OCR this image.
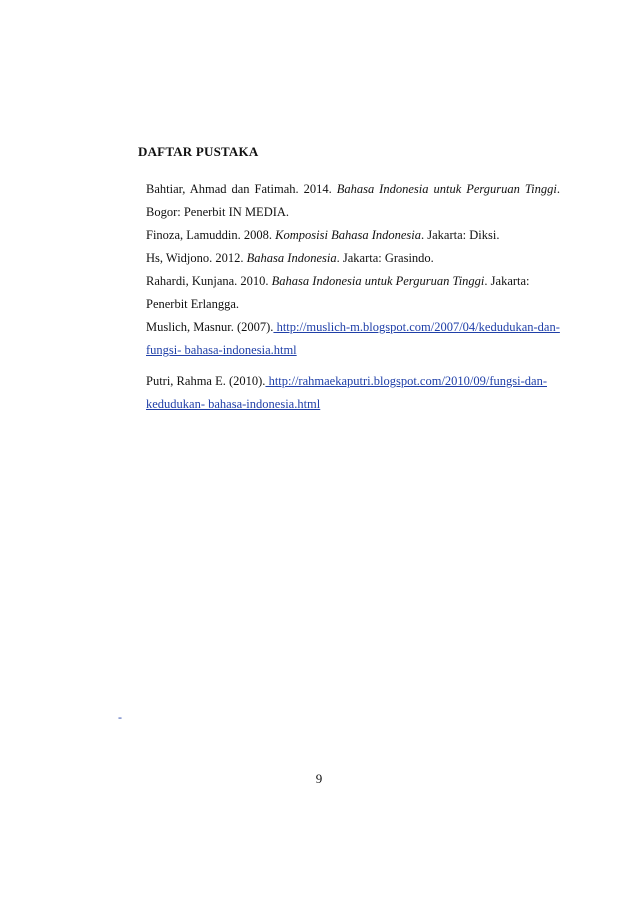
DAFTAR PUSTAKA

Bahtiar, Ahmad dan Fatimah. 2014. Bahasa Indonesia untuk Perguruan Tinggi. Bogor: Penerbit IN MEDIA.

Finoza, Lamuddin. 2008. Komposisi Bahasa Indonesia. Jakarta: Diksi.

Hs, Widjono. 2012. Bahasa Indonesia. Jakarta: Grasindo.

Rahardi, Kunjana. 2010. Bahasa Indonesia untuk Perguruan Tinggi. Jakarta: Penerbit Erlangga.

Muslich, Masnur. (2007). http://muslich-m.blogspot.com/2007/04/kedudukan-dan-fungsi- bahasa-indonesia.html

Putri, Rahma E. (2010). http://rahmaekaputri.blogspot.com/2010/09/fungsi-dan-kedudukan- bahasa-indonesia.html

-
9
